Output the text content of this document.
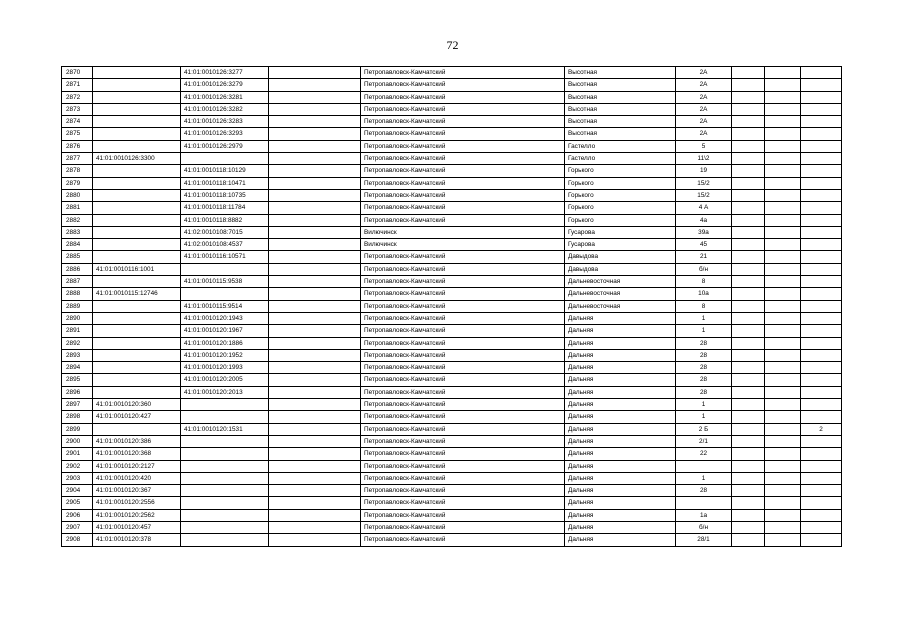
72
2870		41:01:0010126:3277		Петропавловск-Камчатский	Высотная	2А			
2871		41:01:0010126:3279		Петропавловск-Камчатский	Высотная	2А			
2872		41:01:0010126:3281		Петропавловск-Камчатский	Высотная	2А			
2873		41:01:0010126:3282		Петропавловск-Камчатский	Высотная	2А			
2874		41:01:0010126:3283		Петропавловск-Камчатский	Высотная	2А			
2875		41:01:0010126:3293		Петропавловск-Камчатский	Высотная	2А			
2876		41:01:0010126:2979		Петропавловск-Камчатский	Гастелло	5			
2877	41:01:0010126:3300			Петропавловск-Камчатский	Гастелло	11\2			
2878		41:01:0010118:10129		Петропавловск-Камчатский	Горького	19			
2879		41:01:0010118:10471		Петропавловск-Камчатский	Горького	15/2			
2880		41:01:0010118:10735		Петропавловск-Камчатский	Горького	15/2			
2881		41:01:0010118:11784		Петропавловск-Камчатский	Горького	4 А			
2882		41:01:0010118:8882		Петропавловск-Камчатский	Горького	4а			
2883		41:02:0010108:7015		Вилючинск	Гусарова	39а			
2884		41:02:0010108:4537		Вилючинск	Гусарова	45			
2885		41:01:0010116:10571		Петропавловск-Камчатский	Давыдова	21			
2886	41:01:0010116:1001			Петропавловск-Камчатский	Давыдова	б/н			
2887		41:01:0010115:9538		Петропавловск-Камчатский	Дальневосточная	8			
2888	41:01:0010115:12746			Петропавловск-Камчатский	Дальневосточная	10а			
2889		41:01:0010115:9514		Петропавловск-Камчатский	Дальневосточная	8			
2890		41:01:0010120:1943		Петропавловск-Камчатский	Дальняя	1			
2891		41:01:0010120:1967		Петропавловск-Камчатский	Дальняя	1			
2892		41:01:0010120:1886		Петропавловск-Камчатский	Дальняя	28			
2893		41:01:0010120:1952		Петропавловск-Камчатский	Дальняя	28			
2894		41:01:0010120:1993		Петропавловск-Камчатский	Дальняя	28			
2895		41:01:0010120:2005		Петропавловск-Камчатский	Дальняя	28			
2896		41:01:0010120:2013		Петропавловск-Камчатский	Дальняя	28			
2897	41:01:0010120:360			Петропавловск-Камчатский	Дальняя	1			
2898	41:01:0010120:427			Петропавловск-Камчатский	Дальняя	1			
2899		41:01:0010120:1531		Петропавловск-Камчатский	Дальняя	2 Б			2
2900	41:01:0010120:386			Петропавловск-Камчатский	Дальняя	2/1			
2901	41:01:0010120:368			Петропавловск-Камчатский	Дальняя	22			
2902	41:01:0010120:2127			Петропавловск-Камчатский	Дальняя				
2903	41:01:0010120:420			Петропавловск-Камчатский	Дальняя	1			
2904	41:01:0010120:367			Петропавловск-Камчатский	Дальняя	28			
2905	41:01:0010120:2556			Петропавловск-Камчатский	Дальняя				
2906	41:01:0010120:2562			Петропавловск-Камчатский	Дальняя	1а			
2907	41:01:0010120:457			Петропавловск-Камчатский	Дальняя	б/н			
2908	41:01:0010120:378			Петропавловск-Камчатский	Дальняя	28/1			
